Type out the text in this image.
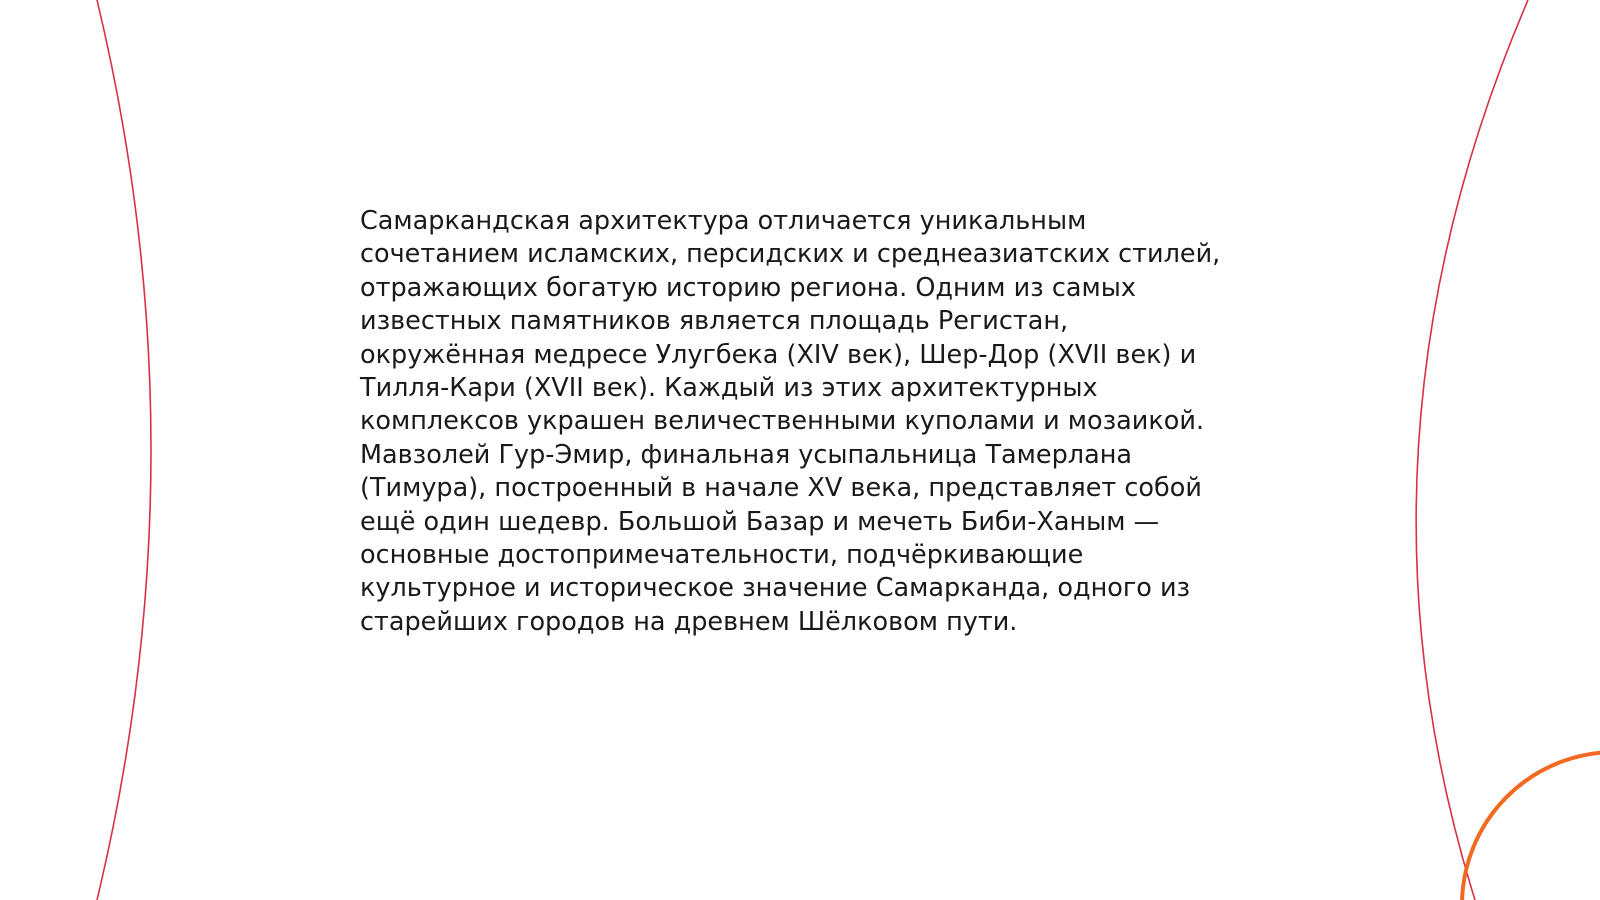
Самаркандская архитектура отличается уникальным
сочетанием исламских, персидских и среднеазиатских стилей,
отражающих богатую историю региона. Одним из самых
известных памятников является площадь Регистан,
окружённая медресе Улугбека (XIV век), Шер-Дор (XVII век) и
Тилля-Кари (XVII век). Каждый из этих архитектурных
комплексов украшен величественными куполами и мозаикой.
Мавзолей Гур-Эмир, финальная усыпальница Тамерлана
(Тимура), построенный в начале XV века, представляет собой
ещё один шедевр. Большой Базар и мечеть Биби-Ханым —
основные достопримечательности, подчёркивающие
культурное и историческое значение Самарканда, одного из
старейших городов на древнем Шёлковом пути.
